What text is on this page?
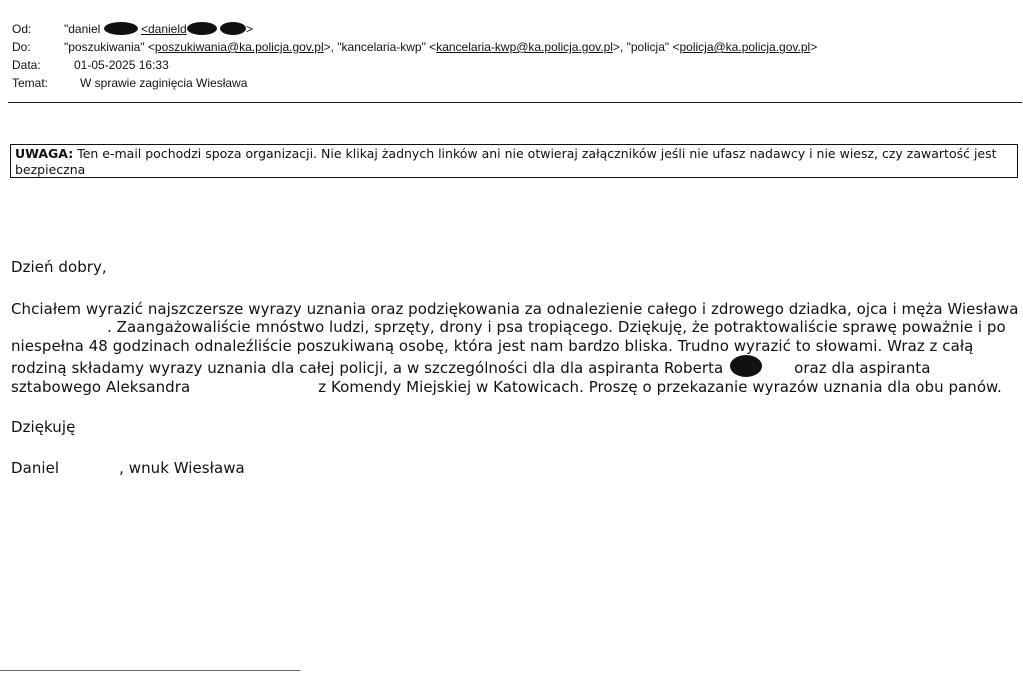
Od:	"daniel	<danield	>
Do:	"poszukiwania" <poszukiwania@ka.policja.gov.pl>, "kancelaria-kwp" <kancelaria-kwp@ka.policja.gov.pl>, "policja" <policja@ka.policja.gov.pl>
Data:	01-05-2025 16:33
Temat:	W sprawie zaginięcia Wiesława
UWAGA: Ten e-mail pochodzi spoza organizacji. Nie klikaj żadnych linków ani nie otwieraj załączników jeśli nie ufasz nadawcy i nie wiesz, czy zawartość jest bezpieczna

Dzień dobry,

Chciałem wyrazić najszczersze wyrazy uznania oraz podziękowania za odnalezienie całego i zdrowego dziadka, ojca i męża Wiesława. Zaangażowaliście mnóstwo ludzi, sprzęty, drony i psa tropiącego. Dziękuję, że potraktowaliście sprawę poważnie i po niespełna 48 godzinach odnaleźliście poszukiwaną osobę, która jest nam bardzo bliska. Trudno wyrazić to słowami. Wraz z całą rodziną składamy wyrazy uznania dla całej policji, a w szczególności dla dla aspiranta Roberta	oraz dla aspiranta sztabowego Aleksandra	z Komendy Miejskiej w Katowicach. Proszę o przekazanie wyrazów uznania dla obu panów.

Dziękuję

Daniel	, wnuk Wiesława
